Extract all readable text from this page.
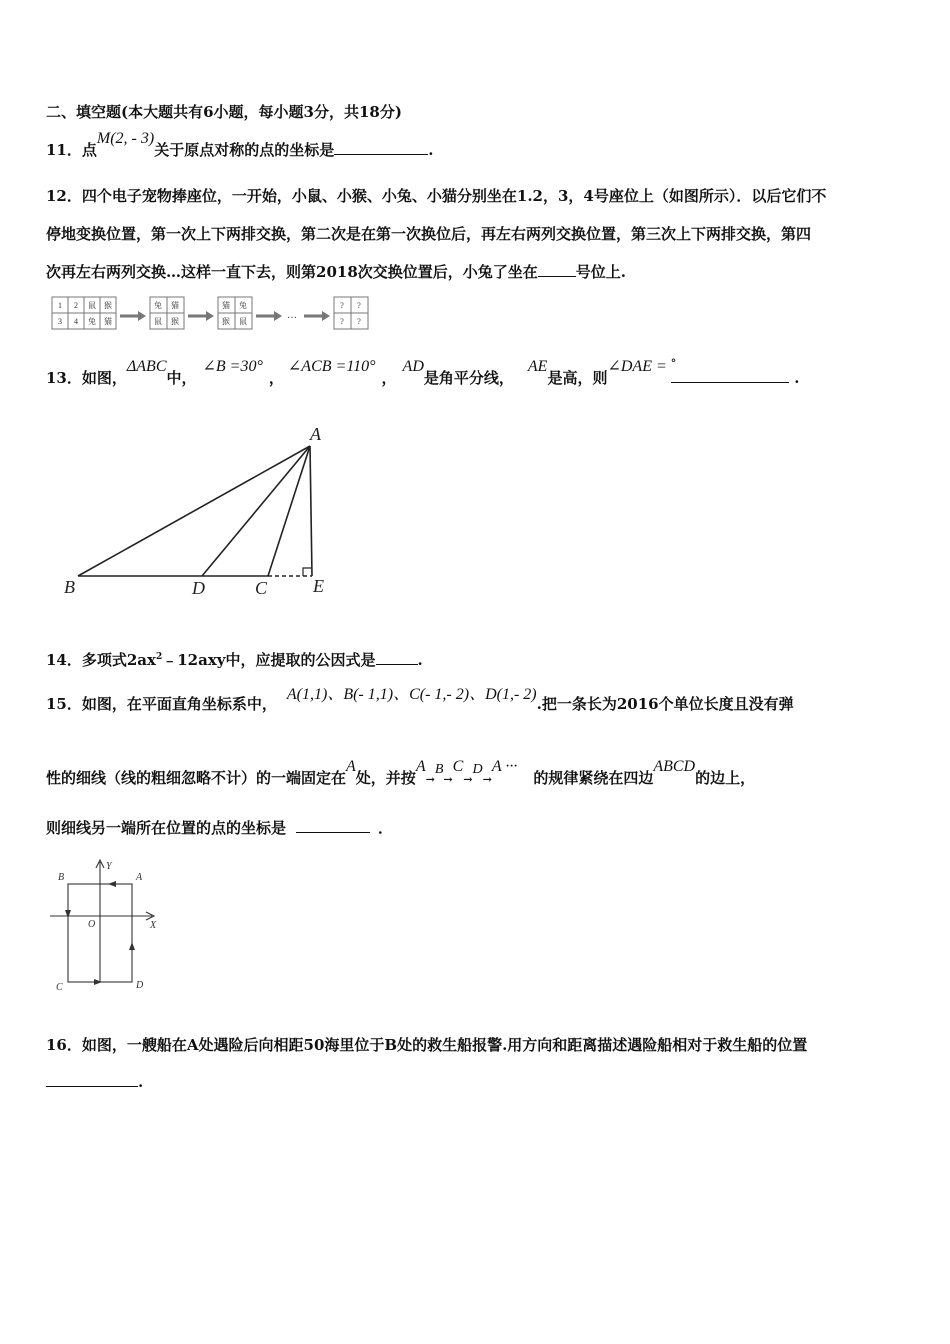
二、填空题(本大题共有6小题，每小题3分，共18分)
11．点M(2, - 3)关于原点对称的点的坐标是	.
12．四个电子宠物捧座位，一开始，小鼠、小猴、小兔、小猫分别坐在1.2，3，4号座位上（如图所示）．以后它们不
停地变换位置，第一次上下两排交换，第二次是在第一次换位后，再左右两列交换位置，第三次上下两排交换，第四
次再左右两列交换…这样一直下去，则第2018次交换位置后，小兔了坐在	号位上.
1 2 鼠 猴
3 4 兔 猫
兔 猫
鼠 猴
猫 兔
猴 鼠
…
? ?
? ?
13．如图，ΔABC中，∠B =30°，∠ACB =110°，AD是角平分线，AE是高，则∠DAE = °.
A
B	D	C	E
14．多项式$2ax^2﹣12axy$中，应提取的公因式是	.
15．如图，在平面直角坐标系中，A(1,1)、B(- 1,1)、C(- 1,- 2)、D(1,- 2).把一条长为2016个单位长度且没有弹
性的细线（线的粗细忽略不计）的一端固定在A处，并按A→B→C→D→A ···的规律紧绕在四边ABCD的边上，
则细线另一端所在位置的点的坐标是	．
B	A
Y
O	X
C	D
16．如图，一艘船在A处遇险后向相距50海里位于B处的救生船报警.用方向和距离描述遇险船相对于救生船的位置
.
